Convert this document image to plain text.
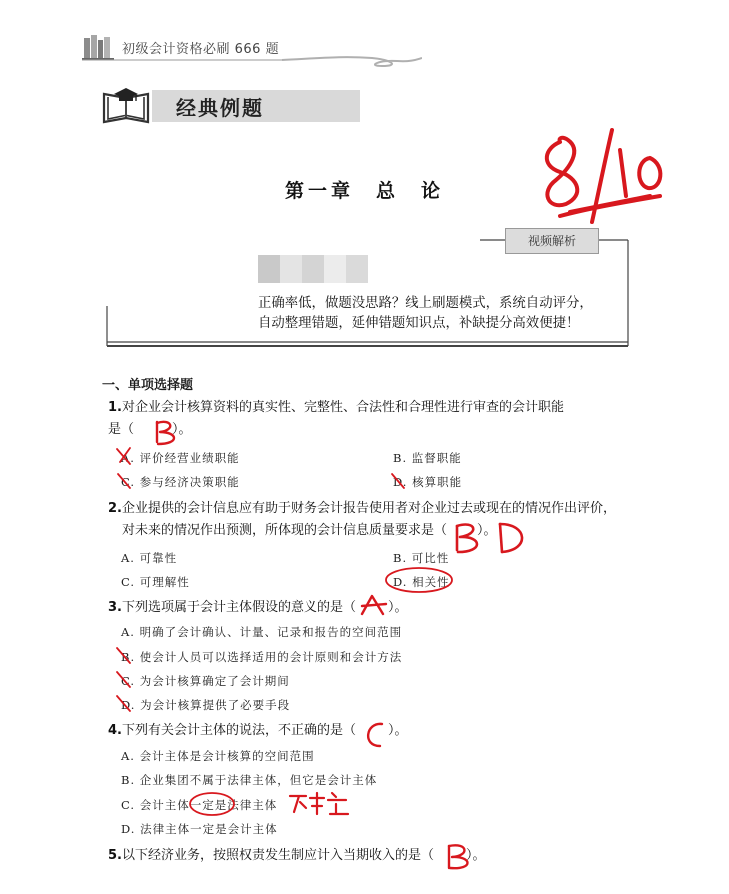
初级会计资格必刷 666 题
经典例题
第一章 总 论
视频解析
正确率低，做题没思路？线上刷题模式，系统自动评分，
自动整理错题，延伸错题知识点，补缺提分高效便捷！
一、单项选择题
1.对企业会计核算资料的真实性、完整性、合法性和合理性进行审查的会计职能
是（	）。
A. 评价经营业绩职能	B. 监督职能
C. 参与经济决策职能	D. 核算职能
2.企业提供的会计信息应有助于财务会计报告使用者对企业过去或现在的情况作出评价，
对未来的情况作出预测，所体现的会计信息质量要求是（ ）。
A. 可靠性	B. 可比性
C. 可理解性	D. 相关性
3.下列选项属于会计主体假设的意义的是（ ）。
A. 明确了会计确认、计量、记录和报告的空间范围
B. 使会计人员可以选择适用的会计原则和会计方法
C. 为会计核算确定了会计期间
D. 为会计核算提供了必要手段
4.下列有关会计主体的说法，不正确的是（ ）。
A. 会计主体是会计核算的空间范围
B. 企业集团不属于法律主体，但它是会计主体
C. 会计主体一定是法律主体
D. 法律主体一定是会计主体
5.以下经济业务，按照权责发生制应计入当期收入的是（ ）。
8/10
B
B	D
A
C
不一定
B
